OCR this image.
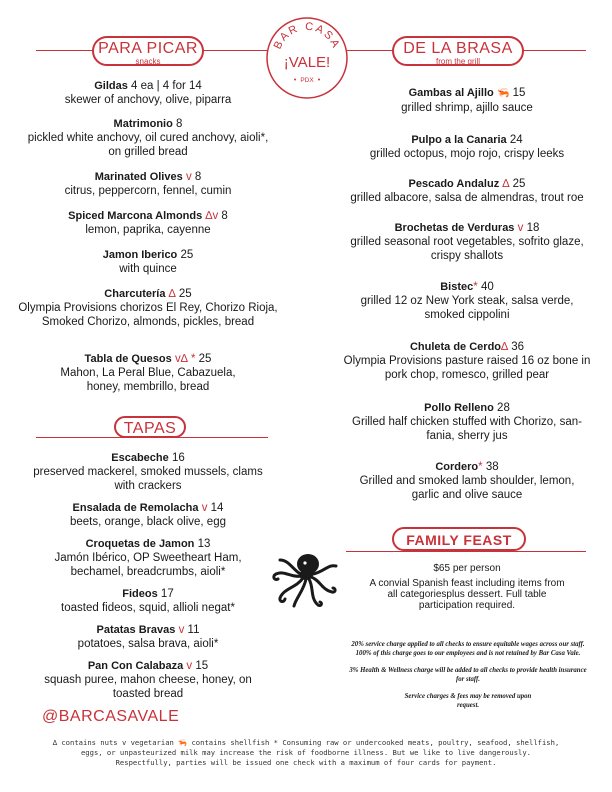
PARA PICAR
snacks
Gildas 4 ea | 4 for 14
skewer of anchovy, olive, piparra
Matrimonio 8
pickled white anchovy, oil cured anchovy, aioli*, on grilled bread
Marinated Olives v 8
citrus, peppercorn, fennel, cumin
Spiced Marcona Almonds ∆v 8
lemon, paprika, cayenne
Jamon Iberico 25
with quince
Charcutería ∆ 25
Olympia Provisions chorizos El Rey, Chorizo Rioja, Smoked Chorizo, almonds, pickles, bread
Tabla de Quesos v∆ * 25
Mahon, La Peral Blue, Cabazuela, honey, membrillo, bread
TAPAS
Escabeche 16
preserved mackerel, smoked mussels, clams with crackers
Ensalada de Remolacha v 14
beets, orange, black olive, egg
Croquetas de Jamon 13
Jamón Ibérico, OP Sweetheart Ham, bechamel, breadcrumbs, aioli*
Fideos 17
toasted fideos, squid, allioli negat*
Patatas Bravas v 11
potatoes, salsa brava, aioli*
Pan Con Calabaza v 15
squash puree, mahon cheese, honey, on toasted bread
@BARCASAVALE
BAR CASA
¡VALE!
PDX
DE LA BRASA
from the grill
Gambas al Ajillo 🦐 15
grilled shrimp, ajillo sauce
Pulpo a la Canaria 24
grilled octopus, mojo rojo, crispy leeks
Pescado Andaluz ∆ 25
grilled albacore, salsa de almendras, trout roe
Brochetas de Verduras v 18
grilled seasonal root vegetables, sofrito glaze, crispy shallots
Bistec* 40
grilled 12 oz New York steak, salsa verde, smoked cippolini
Chuleta de Cerdo∆ 36
Olympia Provisions pasture raised 16 oz bone in pork chop, romesco, grilled pear
Pollo Relleno 28
Grilled half chicken stuffed with Chorizo, san-fania, sherry jus
Cordero* 38
Grilled and smoked lamb shoulder, lemon, garlic and olive sauce
FAMILY FEAST
$65 per person
A convial Spanish feast including items from all categoriesplus dessert. Full table participation required.

20% service charge applied to all checks to ensure equitable wages across our staff. 100% of this charge goes to our employees and is not retained by Bar Casa Vale.

3% Health & Wellness charge will be added to all checks to provide health insurance for staff.

Service charges & fees may be removed upon request.

∆ contains nuts v vegetarian 🦐 contains shellfish * Consuming raw or undercooked meats, poultry, seafood, shellfish,
eggs, or unpasteurized milk may increase the risk of foodborne illness. But we like to live dangerously.
Respectfully, parties will be issued one check with a maximum of four cards for payment.
